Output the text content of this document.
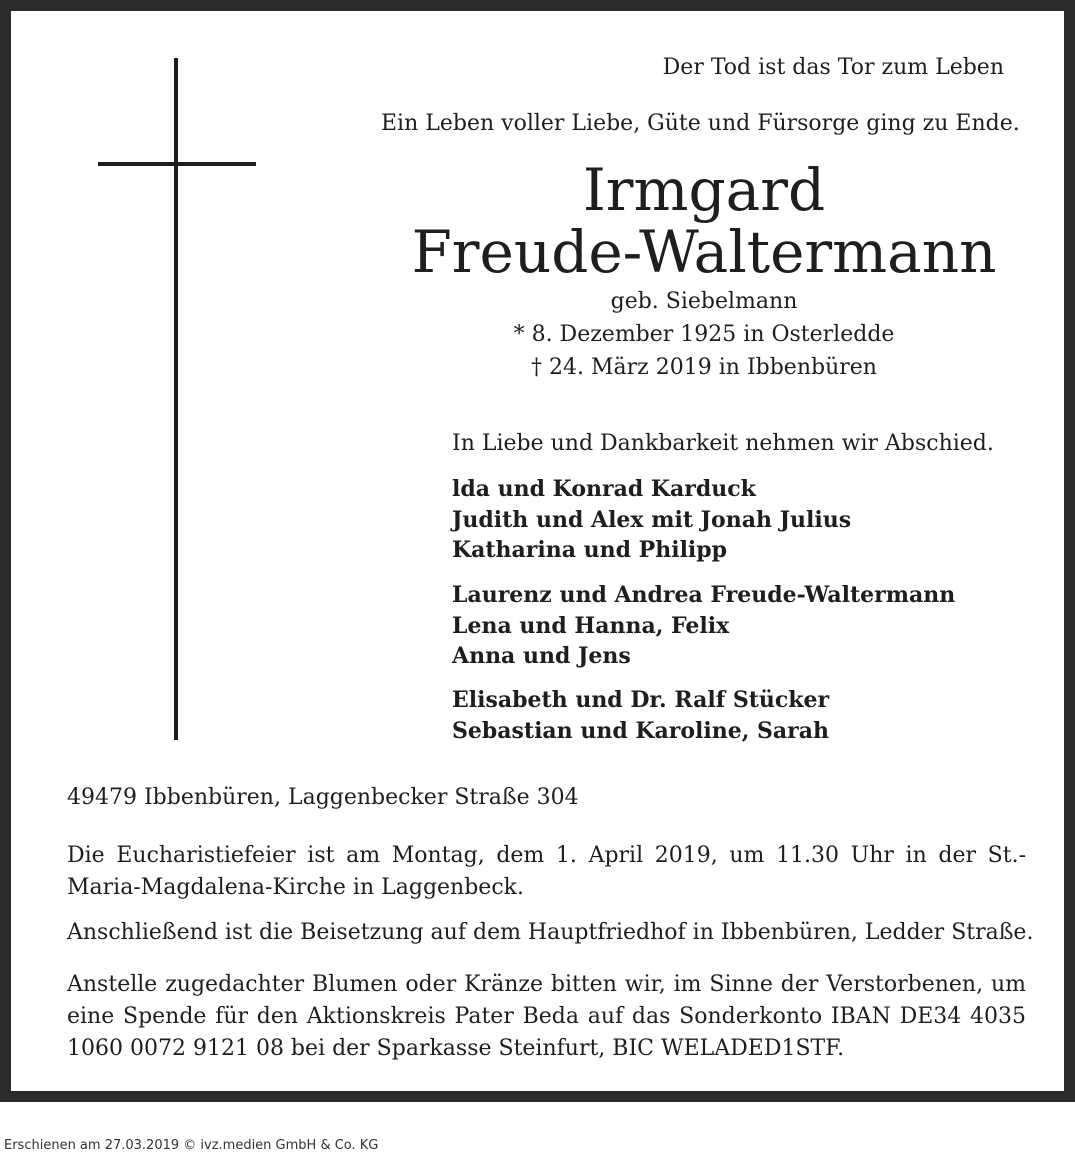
Der Tod ist das Tor zum Leben
Ein Leben voller Liebe, Güte und Fürsorge ging zu Ende.
Irmgard
Freude-Waltermann
geb. Siebelmann
* 8. Dezember 1925 in Osterledde
† 24. März 2019 in Ibbenbüren
In Liebe und Dankbarkeit nehmen wir Abschied.
lda und Konrad Karduck
Judith und Alex mit Jonah Julius
Katharina und Philipp
Laurenz und Andrea Freude-Waltermann
Lena und Hanna, Felix
Anna und Jens
Elisabeth und Dr. Ralf Stücker
Sebastian und Karoline, Sarah
49479 Ibbenbüren, Laggenbecker Straße 304
Die Eucharistiefeier ist am Montag, dem 1. April 2019, um 11.30 Uhr in der St.-Maria-Magdalena-Kirche in Laggenbeck.
Anschließend ist die Beisetzung auf dem Hauptfriedhof in Ibbenbüren, Ledder Straße.
Anstelle zugedachter Blumen oder Kränze bitten wir, im Sinne der Verstorbenen, um eine Spende für den Aktionskreis Pater Beda auf das Sonderkonto IBAN DE34 4035 1060 0072 9121 08 bei der Sparkasse Steinfurt, BIC WELADED1STF.
Erschienen am 27.03.2019 © ivz.medien GmbH & Co. KG
